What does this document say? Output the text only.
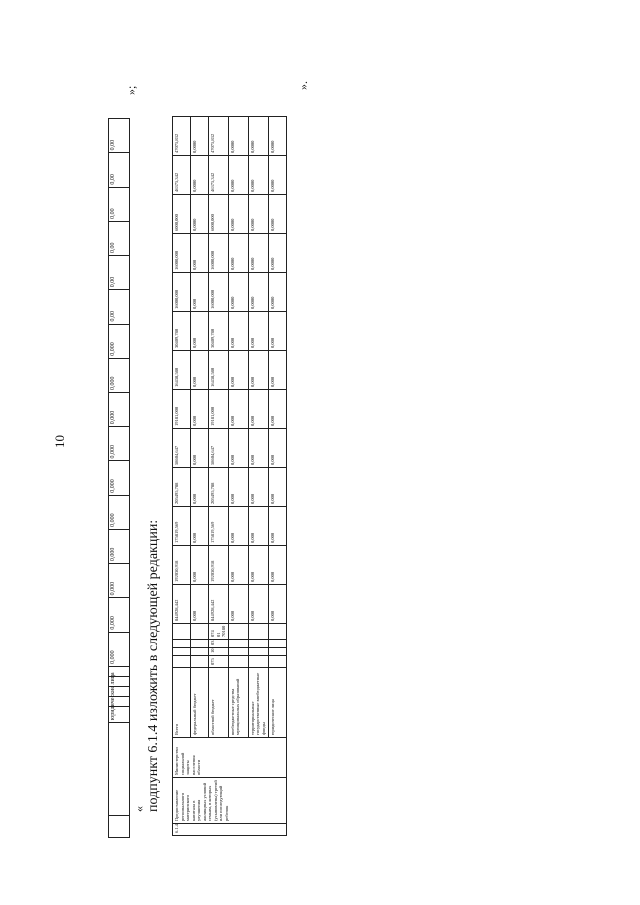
10
		юридические лица					0,000	0,000	0,000	0,000	0,000	0,000	0,000	0,000	0,000	0,000	0,00	0,00	0,00	0,00	0,00	0,00
»;
« подпункт 6.1.4 изложить в следующей редакции:
6.1.4	Предоставление регионального материнского капитала в улучшения жилищных условий семьям, в которых (усыновлены) третий или последующий ребенок	Министерство социальной защиты населения области	Всего					844928,442	192030,918	175819,569	205495,788	58604,647	19181,000	16438,580	30409,780	16000,000	16000,000	6000,000	46375,342	47075,832
			федеральный бюджет					0,000	0,000	0,000	0,000	0,000	0,000	0,000	0,000	0,000	0,000	0,0000	0,0000	0,0000
			областной бюджет	075	10	03	074 01 70180	844928,442	192030,918	175819,569	205495,788	58604,647	19181,000	16438,580	30409,780	16000,000	16000,000	6000,000	46375,342	47075,832
			внебюджетные средства муниципальных образований					0,000	0,000	0,000	0,000	0,000	0,000	0,000	0,000	0,0000	0,0000	0,0000	0,0000	0,0000
			территориальные государственные внебюджетные фонды					0,000	0,000	0,000	0,000	0,000	0,000	0,000	0,000	0,0000	0,0000	0,0000	0,0000	0,0000
			юридические лица					0,000	0,000	0,000	0,000	0,000	0,000	0,000	0,000	0,0000	0,0000	0,0000	0,0000	0,0000
».
